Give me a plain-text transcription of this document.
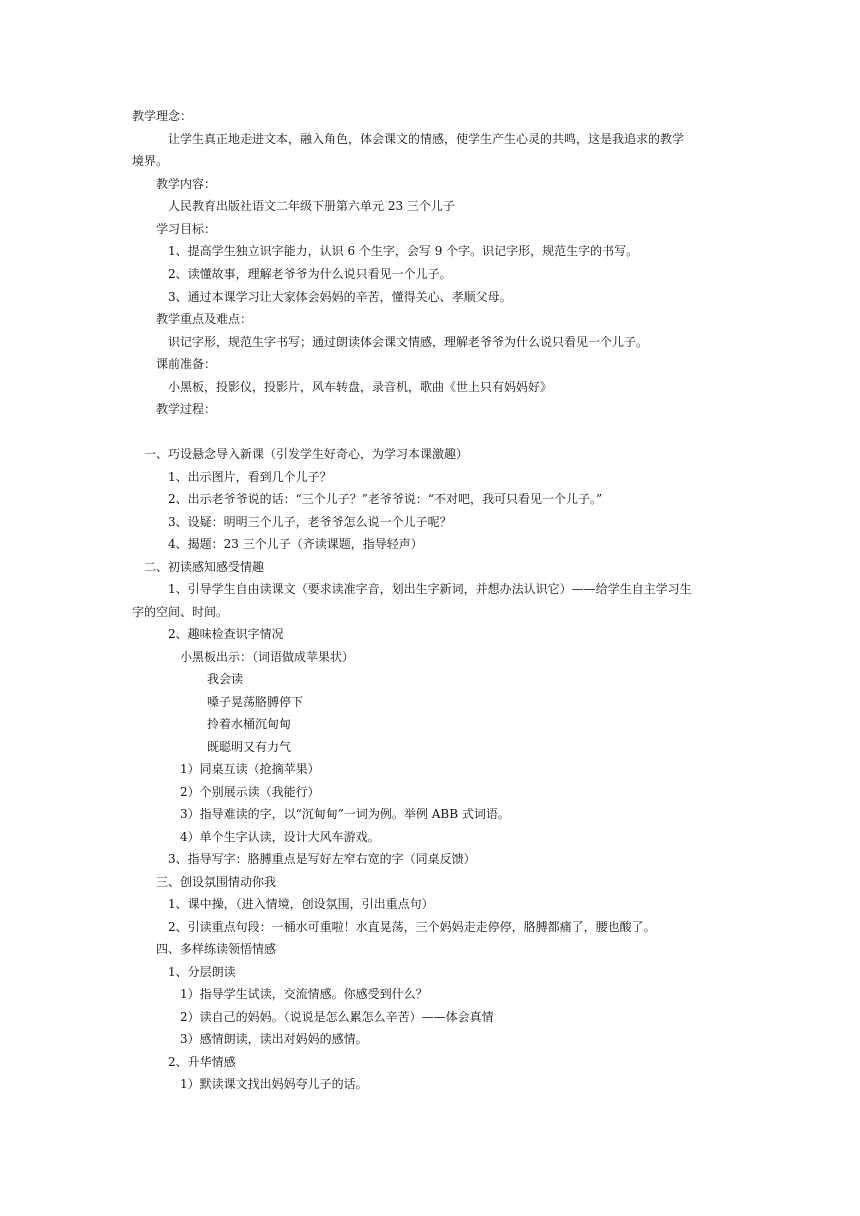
教学理念：
让学生真正地走进文本，融入角色，体会课文的情感，使学生产生心灵的共鸣，这是我追求的教学
境界。
教学内容：
人民教育出版社语文二年级下册第六单元 23 三个儿子
学习目标：
1、提高学生独立识字能力，认识 6 个生字，会写 9 个字。识记字形，规范生字的书写。
2、读懂故事，理解老爷爷为什么说只看见一个儿子。
3、通过本课学习让大家体会妈妈的辛苦，懂得关心、孝顺父母。
教学重点及难点：
识记字形，规范生字书写；通过朗读体会课文情感，理解老爷爷为什么说只看见一个儿子。
课前准备：
小黑板，投影仪，投影片，风车转盘，录音机，歌曲《世上只有妈妈好》
教学过程：
一、巧设悬念导入新课（引发学生好奇心，为学习本课激趣）
1、出示图片，看到几个儿子？
2、出示老爷爷说的话：“三个儿子？”老爷爷说：“不对吧，我可只看见一个儿子。”
3、设疑：明明三个儿子，老爷爷怎么说一个儿子呢？
4、揭题：23 三个儿子（齐读课题，指导轻声）
二、初读感知感受情趣
1、引导学生自由读课文（要求读准字音，划出生字新词，并想办法认识它）——给学生自主学习生
字的空间、时间。
2、趣味检查识字情况
小黑板出示：（词语做成苹果状）
我会读
嗓子晃荡胳膊停下
拎着水桶沉甸甸
既聪明又有力气
1）同桌互读（抢摘苹果）
2）个别展示读（我能行）
3）指导难读的字，以“沉甸甸”一词为例。举例 ABB 式词语。
4）单个生字认读，设计大风车游戏。
3、指导写字：胳膊重点是写好左窄右宽的字（同桌反馈）
三、创设氛围情动你我
1、课中操，（进入情境，创设氛围，引出重点句）
2、引读重点句段：一桶水可重啦！水直晃荡，三个妈妈走走停停，胳膊都痛了，腰也酸了。
四、多样练读领悟情感
1、分层朗读
1）指导学生试读，交流情感。你感受到什么？
2）读自己的妈妈。（说说是怎么累怎么辛苦）——体会真情
3）感情朗读，读出对妈妈的感情。
2、升华情感
1）默读课文找出妈妈夸儿子的话。
